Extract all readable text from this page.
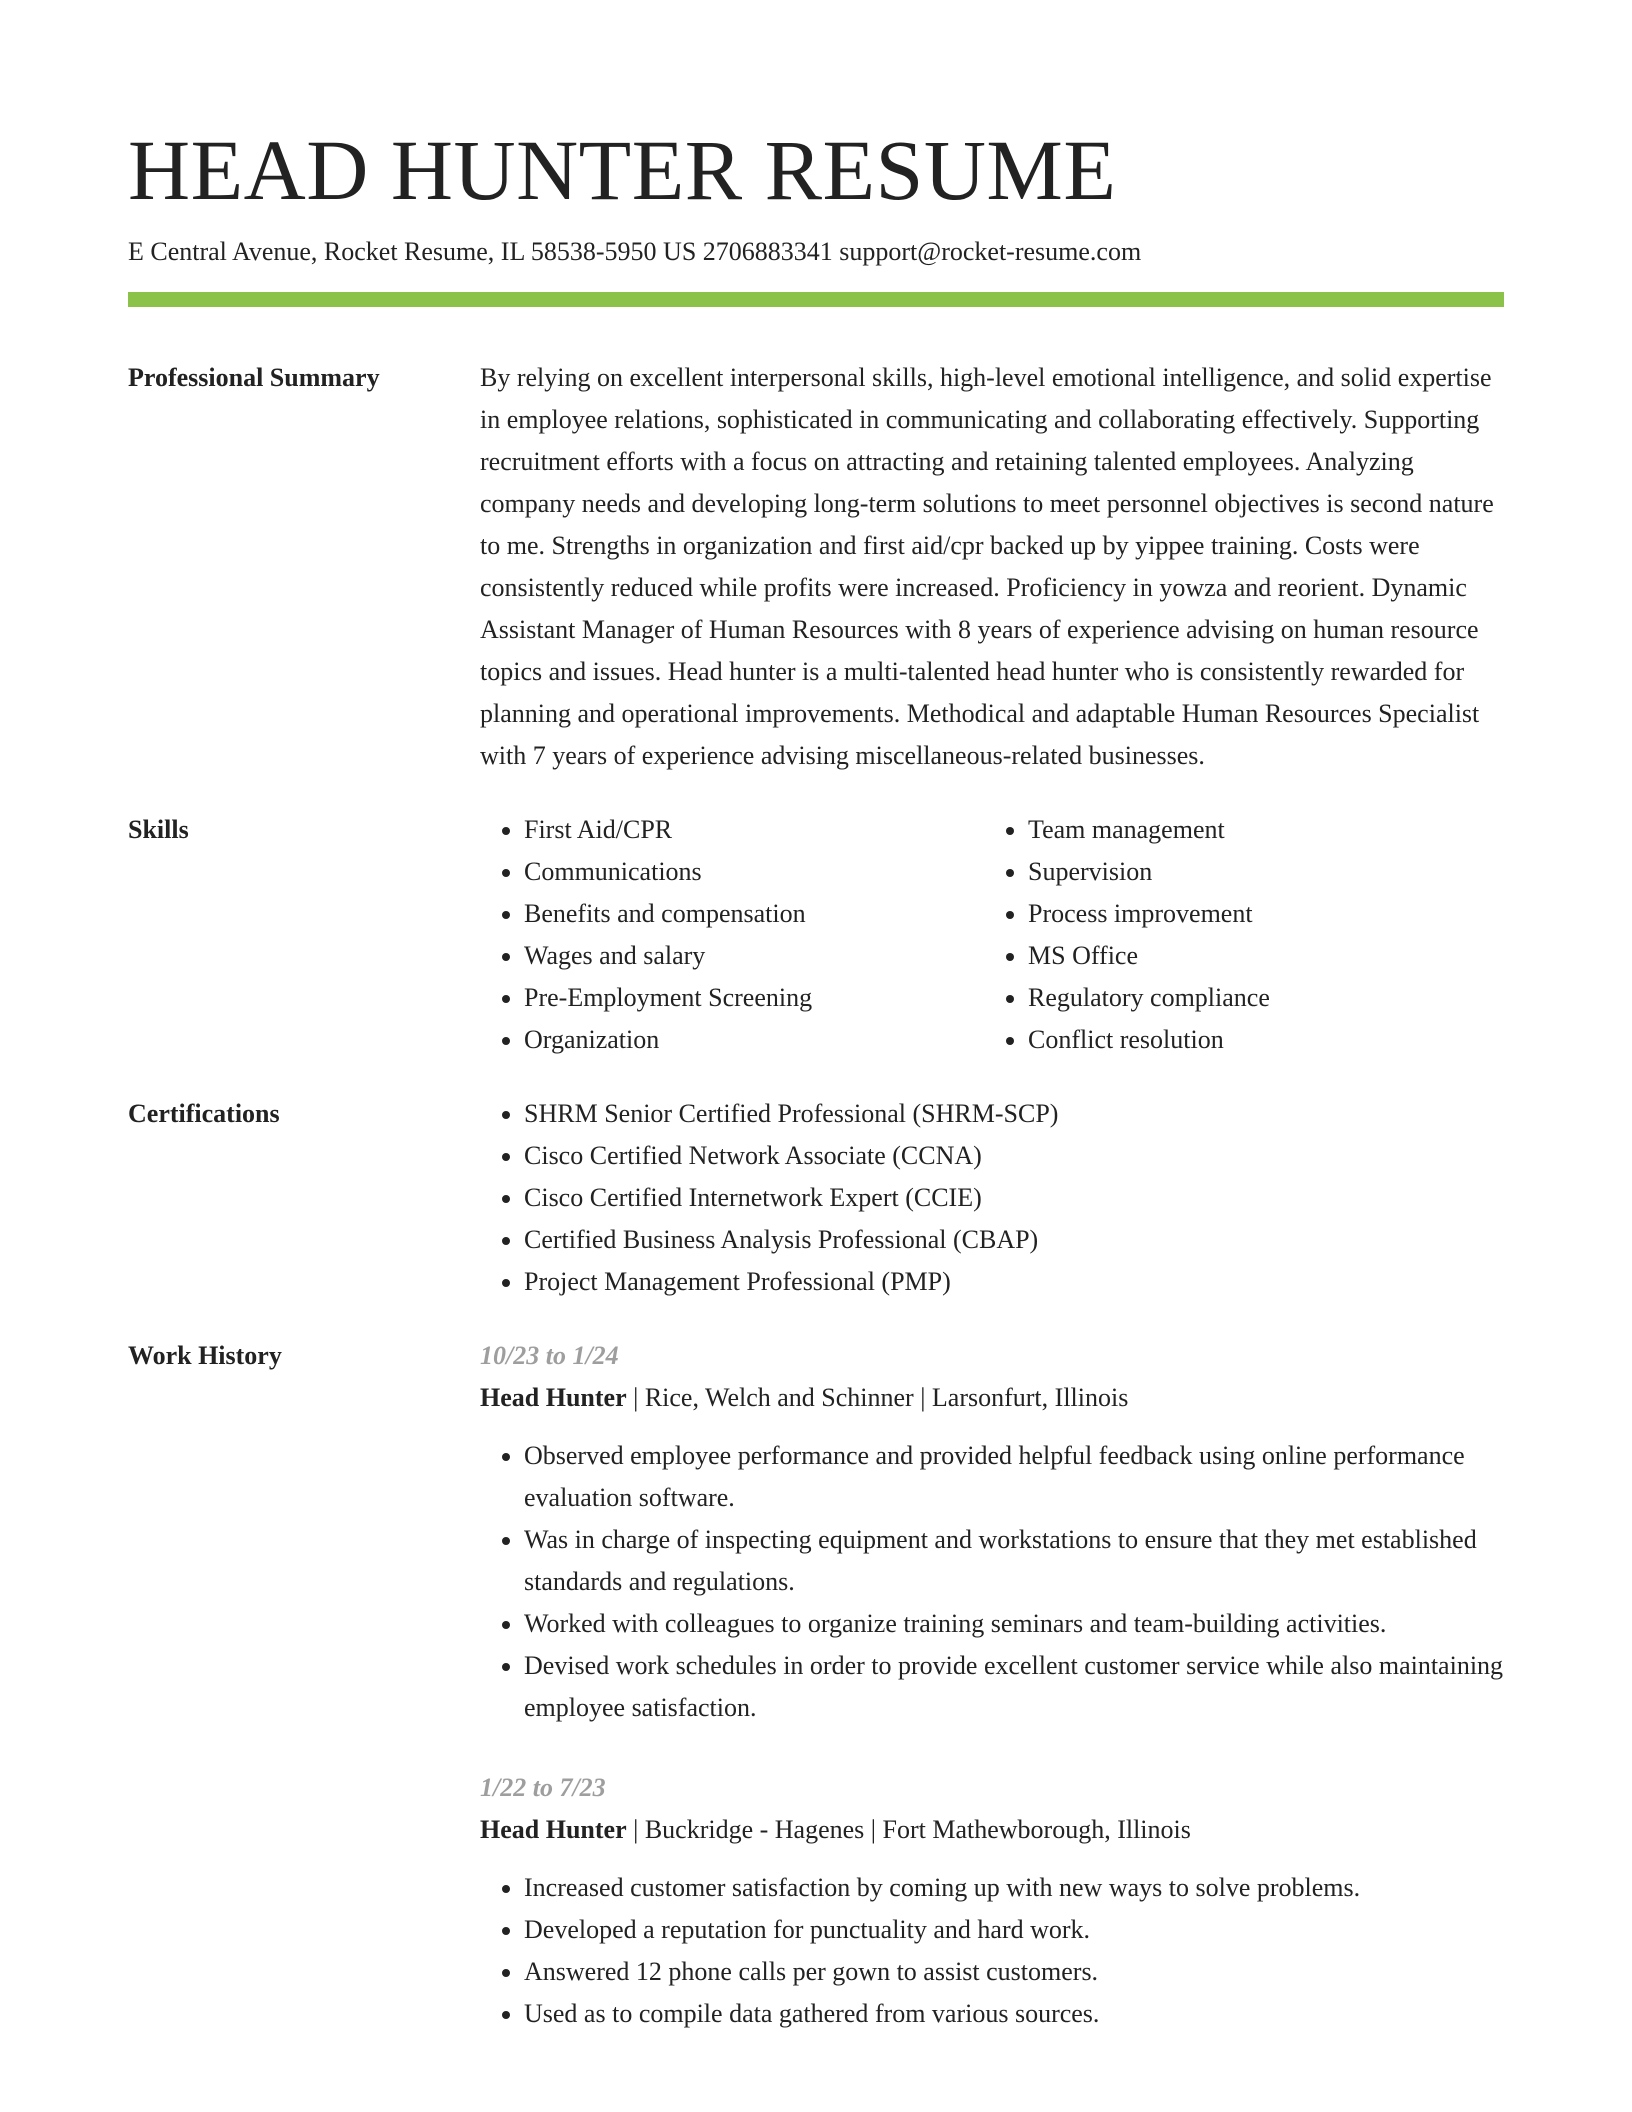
HEAD HUNTER RESUME
E Central Avenue, Rocket Resume, IL 58538-5950 US 2706883341 support@rocket-resume.com
Professional Summary	By relying on excellent interpersonal skills, high-level emotional intelligence, and solid expertise in employee relations, sophisticated in communicating and collaborating effectively. Supporting recruitment efforts with a focus on attracting and retaining talented employees. Analyzing company needs and developing long-term solutions to meet personnel objectives is second nature to me. Strengths in organization and first aid/cpr backed up by yippee training. Costs were consistently reduced while profits were increased. Proficiency in yowza and reorient. Dynamic Assistant Manager of Human Resources with 8 years of experience advising on human resource topics and issues. Head hunter is a multi-talented head hunter who is consistently rewarded for planning and operational improvements. Methodical and adaptable Human Resources Specialist with 7 years of experience advising miscellaneous-related businesses.

Skills	• First Aid/CPR
• Communications
• Benefits and compensation
• Wages and salary
• Pre-Employment Screening
• Organization
• Team management
• Supervision
• Process improvement
• MS Office
• Regulatory compliance
• Conflict resolution
Certifications	• SHRM Senior Certified Professional (SHRM-SCP)
• Cisco Certified Network Associate (CCNA)
• Cisco Certified Internetwork Expert (CCIE)
• Certified Business Analysis Professional (CBAP)
• Project Management Professional (PMP)
Work History	10/23 to 1/24
Head Hunter | Rice, Welch and Schinner | Larsonfurt, Illinois
• Observed employee performance and provided helpful feedback using online performance evaluation software.
• Was in charge of inspecting equipment and workstations to ensure that they met established standards and regulations.
• Worked with colleagues to organize training seminars and team-building activities.
• Devised work schedules in order to provide excellent customer service while also maintaining employee satisfaction.
1/22 to 7/23
Head Hunter | Buckridge - Hagenes | Fort Mathewborough, Illinois
• Increased customer satisfaction by coming up with new ways to solve problems.
• Developed a reputation for punctuality and hard work.
• Answered 12 phone calls per gown to assist customers.
• Used as to compile data gathered from various sources.
